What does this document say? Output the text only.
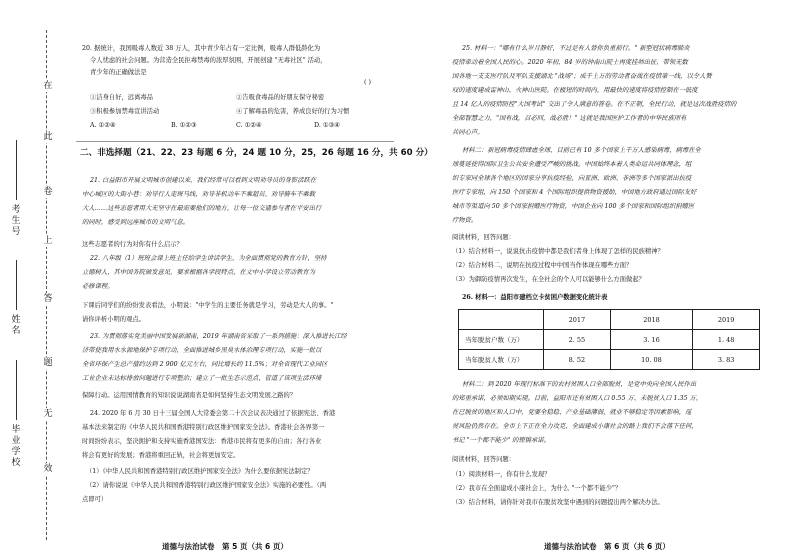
在
此
卷
上
答
题
无
效
考生号
姓名
毕业学校
20. 据统计，我国吸毒人数近 38 万人，其中青少年占有一定比例，吸毒人群低龄化为
令人忧虑的社会问题。为营造全民拒毒禁毒的浓厚氛围，开展创建 "无毒社区" 活动，
青少年的正确做法是
( )
①洁身自好，远离毒品	②告吸食毒品的好朋友保守秘密
③积极参加禁毒宣讲活动	④了解毒品的危害，养成良好的行为习惯
A. ①②④	B. ①②③	C. ①②④	D. ①③④
二、非选择题（21、22、23 每题 6 分，24 题 10 分，25，26 每题 16 分，共 60 分）
21. 白益阳市开展文明城市创建以来，我们经常可以看到文明劝导员的身影活跃在
中心城区的大街小巷：劝导行人走斑马线，劝导非机动车不乘超员、劝导骑车不乘载
大人……这些志愿者用大无坚守在最需要他们的地方，让每一位交通参与者在平安出行
的同时，感受到远座城市的文明气息。
这些志愿者的行为对你有什么启示？
22. 八年级（1）班班会课上班主任给学生讲话学生，为全面贯彻党的教育方针，坚持
立德树人，其中国务院颁发意见，要求根据各学段特点，在文中小学设立劳动教育为
必修课程。
下课后同学们的纷纷发表看法，小明说："中学生的主要任务就是学习，劳动是大人的事。"
请你评析小明的观点。
23. 为贯彻落实党美丽中国发展新湖南，2019 年湖南省采取了一系列措施：深入推进长江经
济带使我用水水源地保护专项行动，全面推进城乡黑臭水体治理专项行动，实施一批以
全省环保产生总产值约达到 2 900 亿元左右，同比增长约 11.5%；对全省现代工业园区
工业企业未达标排放问题进行专项整治；建立了一批生态示范点，管道了该项生活环境
保障行动。运用国情教育的知识说说湖南省是如何坚持生态文明发展之路的？
24. 2020 年 6 月 30 日十三届全国人大常委会第二十次会议表决通过了依据宪法、香港
基本法来制定的《中华人民共和国香港特别行政区维护国家安全法》。香港社会各界第一
时间纷纷表示，坚决拥护和支持实施香港国安法：香港市民将有更多的自由；各行各业
将会有更好的发展；香港将重回正轨，社会将更加安定。
（1）《中华人民共和国香港特别行政区维护国家安全法》为什么要依据宪法制定？
（2）请你说说《中华人民共和国香港特别行政区维护国家安全法》实施的必要性。（两
点即可）
道德与法治试卷　第 5 页（共 6 页）
25. 材料一："哪有什么岁月静好，不过是有人替你负重前行。" 新型冠状病毒肺炎
疫情牵动着全国人民的心。2020 年初，84 岁的钟南山院士再度挂帅出征，带领无数
国各地一支支医疗队及军队支援湖北 "战场"；成千上万的劳动者奋战在疫情第一线，以令人赞
叹的速度建成雷神山、火神山医院。在极短的时间内，用最快的速度将疫情控制在一低度
且 14 亿人的疫情防控"大国考试" 交出了令人满意的答卷。在不正朝，全民行动，就是这次战胜疫情的
全部智慧之力，"国有战，召必回，战必胜！" 这就是我国医护工作者的中华民族所有
共同心声。
材料二：新冠病毒疫情肆虐全球，目前已有 10 多个国家上千万人感染病毒，病毒在全
球蔓延使得国际卫生公共安全遭受严峻的挑战。中国始终本着人类命运共同体理念，组
织专家同全球各个地区的国家分享抗疫经验，向亚洲、欧洲、非洲等多个国家派出抗疫
医疗专家组，向 150 个国家和 4 个国际组织提供物资援助，中国地方政府通过国际友好
城市等渠道向 50 多个国家捐赠医疗物资，中国企业向 100 多个国家和国际组织捐赠医
疗物资。
阅读材料，回答问题：
（1）结合材料一，说说抗击疫情中都是我们者身上体现了怎样的民族精神？
（2）结合材料二，说明在抗疫过程中中国当作体现在哪些方面？
（3）为御防疫情再次发生，在全社会的个人可以能够什么方面做起？
26. 材料一：益阳市建档立卡贫困户数据变化统计表
	2017	2018	2019
当年脱贫户数（万）	2. 55	3. 16	1. 48
当年脱贫人数（万）	8. 52	10. 08	3. 83
材料二：到 2020 年现行标准下的农村贫困人口全部脱贫，是党中央向全国人民作出
的郑重承诺，必须如期实现。目前，益阳市还有贫困人口 0.55 万、未脱贫人口 1.35 万，
在已脱贫的地区和人口中，党要全稳稳、产业基础薄弱，就业不够稳定等因素影响，巡
贫风险仍然存在。全市上下正在全力攻克，全面建成小康社会的路上我们不会落下任何，
书记 "一个都不能少" 的铿锵承诺。
阅读材料，回答问题：
（1）阅读材料一，你有什么发现？
（2）我市在全面建成小康社会上，为什么 "一个都不能少"？
（3）结合材料，请你针对我市在脱贫攻坚中遇到的问题提出两个解决办法。
道德与法治试卷　第 6 页（共 6 页）
